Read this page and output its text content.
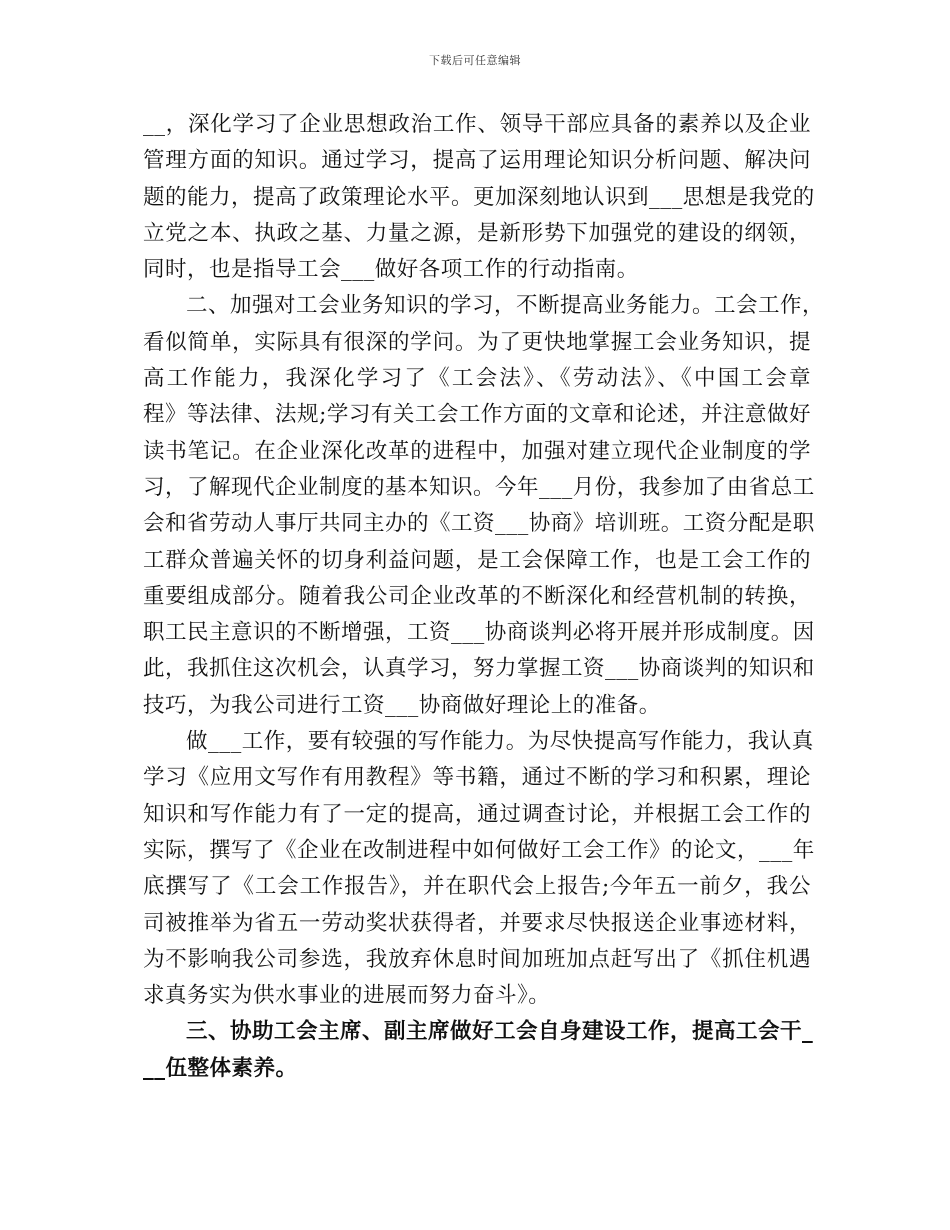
下载后可任意编辑
__，深化学习了企业思想政治工作、领导干部应具备的素养以及企业
管理方面的知识。通过学习，提高了运用理论知识分析问题、解决问
题的能力，提高了政策理论水平。更加深刻地认识到___思想是我党的
立党之本、执政之基、力量之源，是新形势下加强党的建设的纲领，
同时，也是指导工会___做好各项工作的行动指南。
二、加强对工会业务知识的学习，不断提高业务能力。工会工作，
看似简单，实际具有很深的学问。为了更快地掌握工会业务知识，提
高工作能力，我深化学习了《工会法》、《劳动法》、《中国工会章
程》等法律、法规;学习有关工会工作方面的文章和论述，并注意做好
读书笔记。在企业深化改革的进程中，加强对建立现代企业制度的学
习，了解现代企业制度的基本知识。今年___月份，我参加了由省总工
会和省劳动人事厅共同主办的《工资___协商》培训班。工资分配是职
工群众普遍关怀的切身利益问题，是工会保障工作，也是工会工作的
重要组成部分。随着我公司企业改革的不断深化和经营机制的转换，
职工民主意识的不断增强，工资___协商谈判必将开展并形成制度。因
此，我抓住这次机会，认真学习，努力掌握工资___协商谈判的知识和
技巧，为我公司进行工资___协商做好理论上的准备。
做___工作，要有较强的写作能力。为尽快提高写作能力，我认真
学习《应用文写作有用教程》等书籍，通过不断的学习和积累，理论
知识和写作能力有了一定的提高，通过调查讨论，并根据工会工作的
实际，撰写了《企业在改制进程中如何做好工会工作》的论文，___年
底撰写了《工会工作报告》，并在职代会上报告;今年五一前夕，我公
司被推举为省五一劳动奖状获得者，并要求尽快报送企业事迹材料，
为不影响我公司参选，我放弃休息时间加班加点赶写出了《抓住机遇
求真务实为供水事业的进展而努力奋斗》。
三、协助工会主席、副主席做好工会自身建设工作，提高工会干_
__伍整体素养。
